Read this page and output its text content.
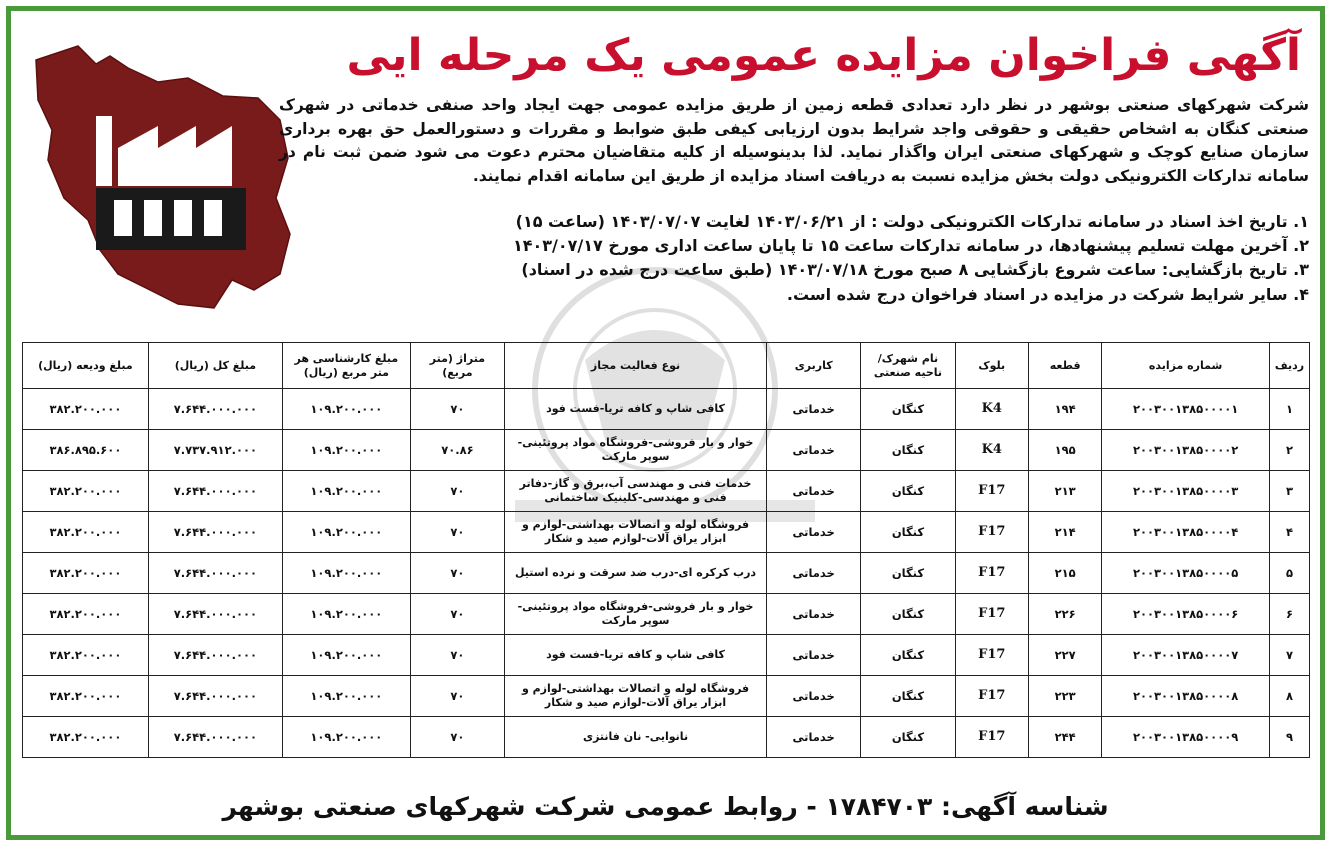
آگهی فراخوان مزایده عمومی یک مرحله ایی

شرکت شهرکهای صنعتی بوشهر در نظر دارد تعدادی قطعه زمین از طریق مزایده عمومی جهت ایجاد واحد صنفی خدماتی در شهرک صنعتی کنگان به اشخاص حقیقی و حقوقی واجد شرایط بدون ارزیابی کیفی طبق ضوابط و مقررات و دستورالعمل حق بهره برداری سازمان صنایع کوچک و شهرکهای صنعتی ایران واگذار نماید. لذا بدینوسیله از کلیه متقاضیان محترم دعوت می شود ضمن ثبت نام در سامانه تدارکات الکترونیکی دولت بخش مزایده نسبت به دریافت اسناد مزایده از طریق این سامانه اقدام نمایند.

۱. تاریخ اخذ اسناد در سامانه تدارکات الکترونیکی دولت : از ۱۴۰۳/۰۶/۲۱ لغایت ۱۴۰۳/۰۷/۰۷ (ساعت ۱۵)
۲. آخرین مهلت تسلیم پیشنهادها، در سامانه تدارکات ساعت ۱۵ تا پایان ساعت اداری مورخ ۱۴۰۳/۰۷/۱۷
۳. تاریخ بازگشایی: ساعت شروع بازگشایی ۸ صبح مورخ ۱۴۰۳/۰۷/۱۸ (طبق ساعت درج شده در اسناد)
۴. سایر شرایط شرکت در مزایده در اسناد فراخوان درج شده است.
ردیف	شماره مزایده	قطعه	بلوک	نام شهرک/ناحیه صنعتی	کاربری	نوع فعالیت مجاز	متراژ (متر مربع)	مبلغ کارشناسی هر متر مربع (ریال)	مبلغ کل (ریال)	مبلغ ودیعه (ریال)
۱	۲۰۰۳۰۰۱۳۸۵۰۰۰۰۱	۱۹۴	K4	کنگان	خدماتی	کافی شاپ و کافه تریا-فست فود	۷۰	۱۰۹.۲۰۰.۰۰۰	۷.۶۴۴.۰۰۰.۰۰۰	۳۸۲.۲۰۰.۰۰۰
۲	۲۰۰۳۰۰۱۳۸۵۰۰۰۰۲	۱۹۵	K4	کنگان	خدماتی	خوار و بار فروشی-فروشگاه مواد پروتئینی-سوپر مارکت	۷۰.۸۶	۱۰۹.۲۰۰.۰۰۰	۷.۷۳۷.۹۱۲.۰۰۰	۳۸۶.۸۹۵.۶۰۰
۳	۲۰۰۳۰۰۱۳۸۵۰۰۰۰۳	۲۱۳	F17	کنگان	خدماتی	خدمات فنی و مهندسی آب،برق و گاز-دفاتر فنی و مهندسی-کلینیک ساختمانی	۷۰	۱۰۹.۲۰۰.۰۰۰	۷.۶۴۴.۰۰۰.۰۰۰	۳۸۲.۲۰۰.۰۰۰
۴	۲۰۰۳۰۰۱۳۸۵۰۰۰۰۴	۲۱۴	F17	کنگان	خدماتی	فروشگاه لوله و اتصالات بهداشتی-لوازم و ابزار یراق آلات-لوازم صید و شکار	۷۰	۱۰۹.۲۰۰.۰۰۰	۷.۶۴۴.۰۰۰.۰۰۰	۳۸۲.۲۰۰.۰۰۰
۵	۲۰۰۳۰۰۱۳۸۵۰۰۰۰۵	۲۱۵	F17	کنگان	خدماتی	درب کرکره ای-درب ضد سرقت و نرده استیل	۷۰	۱۰۹.۲۰۰.۰۰۰	۷.۶۴۴.۰۰۰.۰۰۰	۳۸۲.۲۰۰.۰۰۰
۶	۲۰۰۳۰۰۱۳۸۵۰۰۰۰۶	۲۲۶	F17	کنگان	خدماتی	خوار و بار فروشی-فروشگاه مواد پروتئینی-سوپر مارکت	۷۰	۱۰۹.۲۰۰.۰۰۰	۷.۶۴۴.۰۰۰.۰۰۰	۳۸۲.۲۰۰.۰۰۰
۷	۲۰۰۳۰۰۱۳۸۵۰۰۰۰۷	۲۲۷	F17	کنگان	خدماتی	کافی شاپ و کافه تریا-فست فود	۷۰	۱۰۹.۲۰۰.۰۰۰	۷.۶۴۴.۰۰۰.۰۰۰	۳۸۲.۲۰۰.۰۰۰
۸	۲۰۰۳۰۰۱۳۸۵۰۰۰۰۸	۲۲۳	F17	کنگان	خدماتی	فروشگاه لوله و اتصالات بهداشتی-لوازم و ابزار یراق آلات-لوازم صید و شکار	۷۰	۱۰۹.۲۰۰.۰۰۰	۷.۶۴۴.۰۰۰.۰۰۰	۳۸۲.۲۰۰.۰۰۰
۹	۲۰۰۳۰۰۱۳۸۵۰۰۰۰۹	۲۴۴	F17	کنگان	خدماتی	نانوایی- نان فانتزی	۷۰	۱۰۹.۲۰۰.۰۰۰	۷.۶۴۴.۰۰۰.۰۰۰	۳۸۲.۲۰۰.۰۰۰
شناسه آگهی: ۱۷۸۴۷۰۳ - روابط عمومی شرکت شهرکهای صنعتی بوشهر
